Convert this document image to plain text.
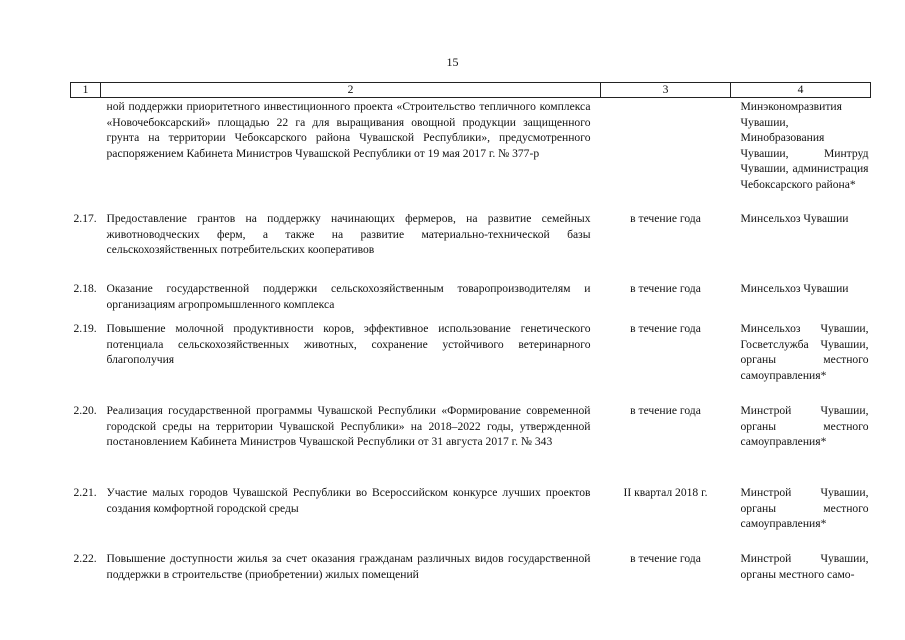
15
1	2	3	4
	ной поддержки приоритетного инвестиционного проекта «Строительство тепличного комплекса «Новочебоксарский» площадью 22 га для выращивания овощной продукции защищенного грунта на территории Чебоксарского района Чувашской Республики», предусмотренного распоряжением Кабинета Министров Чувашской Республики от 19 мая 2017 г. № 377-р		Минэкономразвития Чувашии, Минобразования Чувашии, Минтруд Чувашии, администрация Чебоксарского района*
2.17.	Предоставление грантов на поддержку начинающих фермеров, на развитие семейных животноводческих ферм, а также на развитие материально-технической базы сельскохозяйственных потребительских кооперативов	в течение года	Минсельхоз Чувашии
2.18.	Оказание государственной поддержки сельскохозяйственным товаропроизводителям и организациям агропромышленного комплекса	в течение года	Минсельхоз Чувашии
2.19.	Повышение молочной продуктивности коров, эффективное использование генетического потенциала сельскохозяйственных животных, сохранение устойчивого ветеринарного благополучия	в течение года	Минсельхоз Чувашии, Госветслужба Чувашии, органы местного самоуправления*
2.20.	Реализация государственной программы Чувашской Республики «Формирование современной городской среды на территории Чувашской Республики» на 2018–2022 годы, утвержденной постановлением Кабинета Министров Чувашской Республики от 31 августа 2017 г. № 343	в течение года	Минстрой Чувашии, органы местного самоуправления*
2.21.	Участие малых городов Чувашской Республики во Всероссийском конкурсе лучших проектов создания комфортной городской среды	II квартал 2018 г.	Минстрой Чувашии, органы местного самоуправления*
2.22.	Повышение доступности жилья за счет оказания гражданам различных видов государственной поддержки в строительстве (приобретении) жилых помещений	в течение года	Минстрой Чувашии, органы местного само-
